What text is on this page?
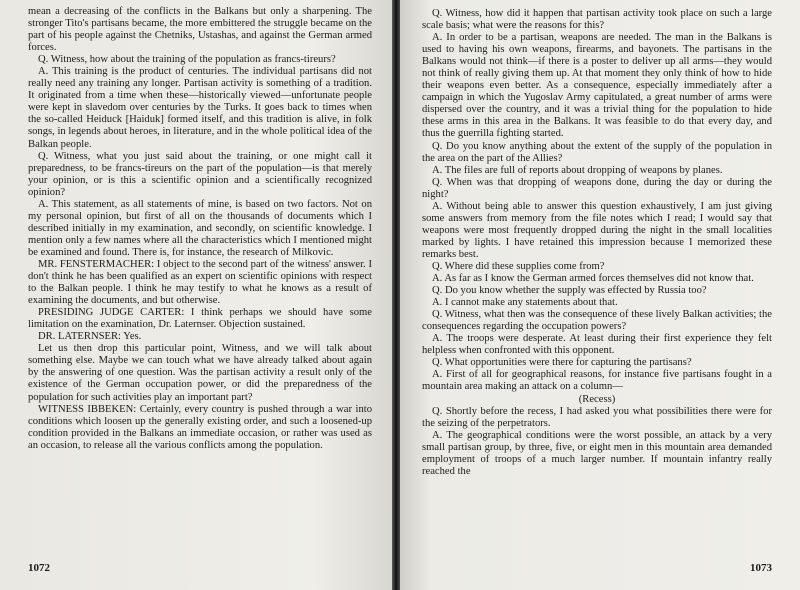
mean a decreasing of the conflicts in the Balkans but only a sharpening. The stronger Tito's partisans became, the more embittered the struggle became on the part of his people against the Chetniks, Ustashas, and against the German armed forces.

Q. Witness, how about the training of the population as francs-tireurs?

A. This training is the product of centuries. The individual partisans did not really need any training any longer. Partisan activity is something of a tradition. It originated from a time when these—historically viewed—unfortunate people were kept in slavedom over centuries by the Turks. It goes back to times when the so-called Heiduck [Haiduk] formed itself, and this tradition is alive, in folk songs, in legends about heroes, in literature, and in the whole political idea of the Balkan people.

Q. Witness, what you just said about the training, or one might call it preparedness, to be francs-tireurs on the part of the population—is that merely your opinion, or is this a scientific opinion and a scientifically recognized opinion?

A. This statement, as all statements of mine, is based on two factors. Not on my personal opinion, but first of all on the thousands of documents which I described initially in my examination, and secondly, on scientific knowledge. I mention only a few names where all the characteristics which I mentioned might be examined and found. There is, for instance, the research of Milkovic.

MR. FENSTERMACHER: I object to the second part of the witness' answer. I don't think he has been qualified as an expert on scientific opinions with respect to the Balkan people. I think he may testify to what he knows as a result of examining the documents, and but otherwise.

PRESIDING JUDGE CARTER: I think perhaps we should have some limitation on the examination, Dr. Laternser. Objection sustained.

DR. LATERNSER: Yes.

Let us then drop this particular point, Witness, and we will talk about something else. Maybe we can touch what we have already talked about again by the answering of one question. Was the partisan activity a result only of the existence of the German occupation power, or did the preparedness of the population for such activities play an important part?

WITNESS IBBEKEN: Certainly, every country is pushed through a war into conditions which loosen up the generally existing order, and such a loosened-up condition provided in the Balkans an immediate occasion, or rather was used as an occasion, to release all the various conflicts among the population.

1072

Q. Witness, how did it happen that partisan activity took place on such a large scale basis; what were the reasons for this?

A. In order to be a partisan, weapons are needed. The man in the Balkans is used to having his own weapons, firearms, and bayonets. The partisans in the Balkans would not think—if there is a poster to deliver up all arms—they would not think of really giving them up. At that moment they only think of how to hide their weapons even better. As a consequence, especially immediately after a campaign in which the Yugoslav Army capitulated, a great number of arms were dispersed over the country, and it was a trivial thing for the population to hide these arms in this area in the Balkans. It was feasible to do that every day, and thus the guerrilla fighting started.

Q. Do you know anything about the extent of the supply of the population in the area on the part of the Allies?

A. The files are full of reports about dropping of weapons by planes.

Q. When was that dropping of weapons done, during the day or during the night?

A. Without being able to answer this question exhaustively, I am just giving some answers from memory from the file notes which I read; I would say that weapons were most frequently dropped during the night in the small localities marked by lights. I have retained this impression because I memorized these remarks best.

Q. Where did these supplies come from?

A. As far as I know the German armed forces themselves did not know that.

Q. Do you know whether the supply was effected by Russia too?

A. I cannot make any statements about that.

Q. Witness, what then was the consequence of these lively Balkan activities; the consequences regarding the occupation powers?

A. The troops were desperate. At least during their first experience they felt helpless when confronted with this opponent.

Q. What opportunities were there for capturing the partisans?

A. First of all for geographical reasons, for instance five partisans fought in a mountain area making an attack on a column—

(Recess)

Q. Shortly before the recess, I had asked you what possibilities there were for the seizing of the perpetrators.

A. The geographical conditions were the worst possible, an attack by a very small partisan group, by three, five, or eight men in this mountain area demanded employment of troops of a much larger number. If mountain infantry really reached the

1073
